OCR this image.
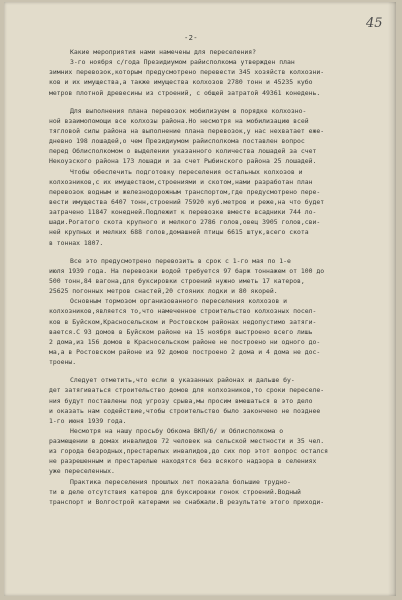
-2-
45
Какие мероприятия нами намечены для переселения?
3-го ноября с/года Президиумом райисполкома утвержден план
зимних перевозок,которым предусмотрено перевести 345 хозяйств колхозни-
ков и их имущества,а также имущества колхозов 2780 тонн и 45235 кубо
метров плотной древесины из строений, с общей затратой 49361 конедень.
Для выполнения плана перевозок мобилизуем в порядке колхозно-
ной взаимопомощи все колхозы района.Но несмотря на мобилизацию всей
тягловой силы района на выполнение плана перевозок,у нас нехватает еже-
дневно 198 лошадей,о чем Президиумом райисполкома поставлен вопрос
перед Облисполкомом о выделении указанного количества лошадей за счет
Некоузского района 173 лошади и за счет Рыбинского района 25 лошадей.
Чтобы обеспечить подготовку переселения остальных колхозов и
колхозников,с их имуществом,строениями и скотом,нами разработан план
перевозок водным и железнодорожным транспортом,где предусмотрено пере-
вести имущества 6407 тонн,строений 75920 куб.метров и реже,на что будет
затрачено 11847 конедней.Подлежит к перевозке вместе всадники 744 ло-
шади.Рогатого скота крупного и мелкого 2786 голов,овец 3905 голов,сви-
ней крупных и мелких 688 голов,домашней птицы 6615 штук,всего скота
в тоннах 1807.
Все это предусмотрено перевозить в срок с 1-го мая по 1-е
июля 1939 года. На перевозки водой требуется 97 барж тоннажем от 100 до
500 тонн,84 вагона,для буксировки строений нужно иметь 17 катеров,
25625 погонных метров снастей,20 стояних лодки и 80 якорей.
Основным тормозом организованного переселения колхозов и
колхозников,является то,что намеченное строительство колхозных посел-
ков в Буйском,Красносельском и Ростовском районах недопустимо затяги-
вается.С 93 домов в Буйском районе на 15 ноября выстроено всего лишь
2 дома,из 156 домов в Красносельском районе не построено ни одного до-
ма,а в Ростовском районе из 92 домов построено 2 дома и 4 дома не дос-
троены.
Следует отметить,что если в указанных районах и дальше бу-
дет затягиваться строительство домов для колхозников,то сроки переселе-
ния будут поставлены под угрозу срыва,мы просим вмешаться в это дело
и оказать нам содействие,чтобы строительство было закончено не позднее
1-го июня 1939 года.
Несмотря на нашу просьбу Обкома ВКП/б/ и Облисполкома о
размещении в домах инвалидов 72 человек на сельской местности и 35 чел.
из города безродных,престарелых инвалидов,до сих пор этот вопрос остался
не разрешенным и престарелые находятся без всякого надзора в селениях
уже переселенных.
Практика переселения прошлых лет показала большие трудно-
ти в деле отсутствия катеров для буксировки гонок строений.Водный
транспорт и Волгострой катерами не снабжали.В результате этого приходи-
